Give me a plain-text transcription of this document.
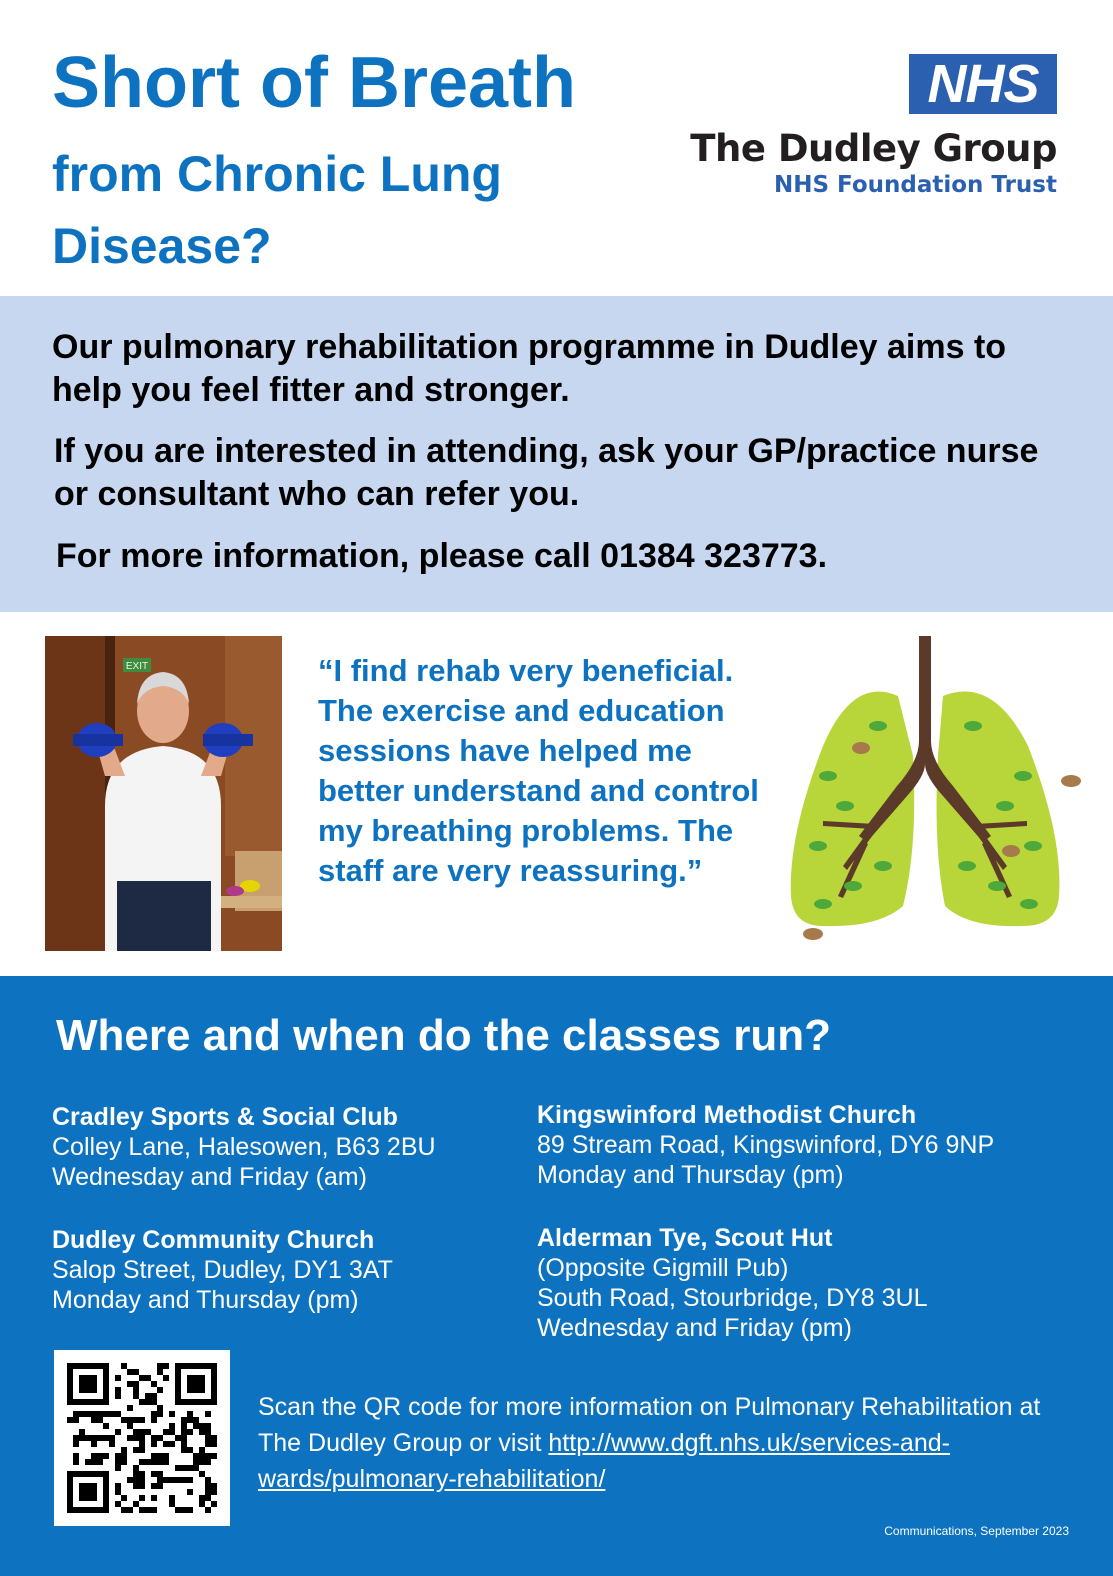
Short of Breath
from Chronic Lung Disease?
NHS
The Dudley Group
NHS Foundation Trust

Our pulmonary rehabilitation programme in Dudley aims to help you feel fitter and stronger.

If you are interested in attending, ask your GP/practice nurse or consultant who can refer you.

For more information, please call 01384 323773.

EXIT	“I find rehab very beneficial. The exercise and education sessions have helped me better understand and control my breathing problems. The staff are very reassuring.”
Where and when do the classes run?
Cradley Sports & Social Club
Colley Lane, Halesowen, B63 2BU
Wednesday and Friday (am)
Dudley Community Church
Salop Street, Dudley, DY1 3AT
Monday and Thursday (pm)
Kingswinford Methodist Church
89 Stream Road, Kingswinford, DY6 9NP
Monday and Thursday (pm)
Alderman Tye, Scout Hut
(Opposite Gigmill Pub)
South Road, Stourbridge, DY8 3UL
Wednesday and Friday (pm)

Scan the QR code for more information on Pulmonary Rehabilitation at The Dudley Group or visit http://www.dgft.nhs.uk/services-and-wards/pulmonary-rehabilitation/

Communications, September 2023
